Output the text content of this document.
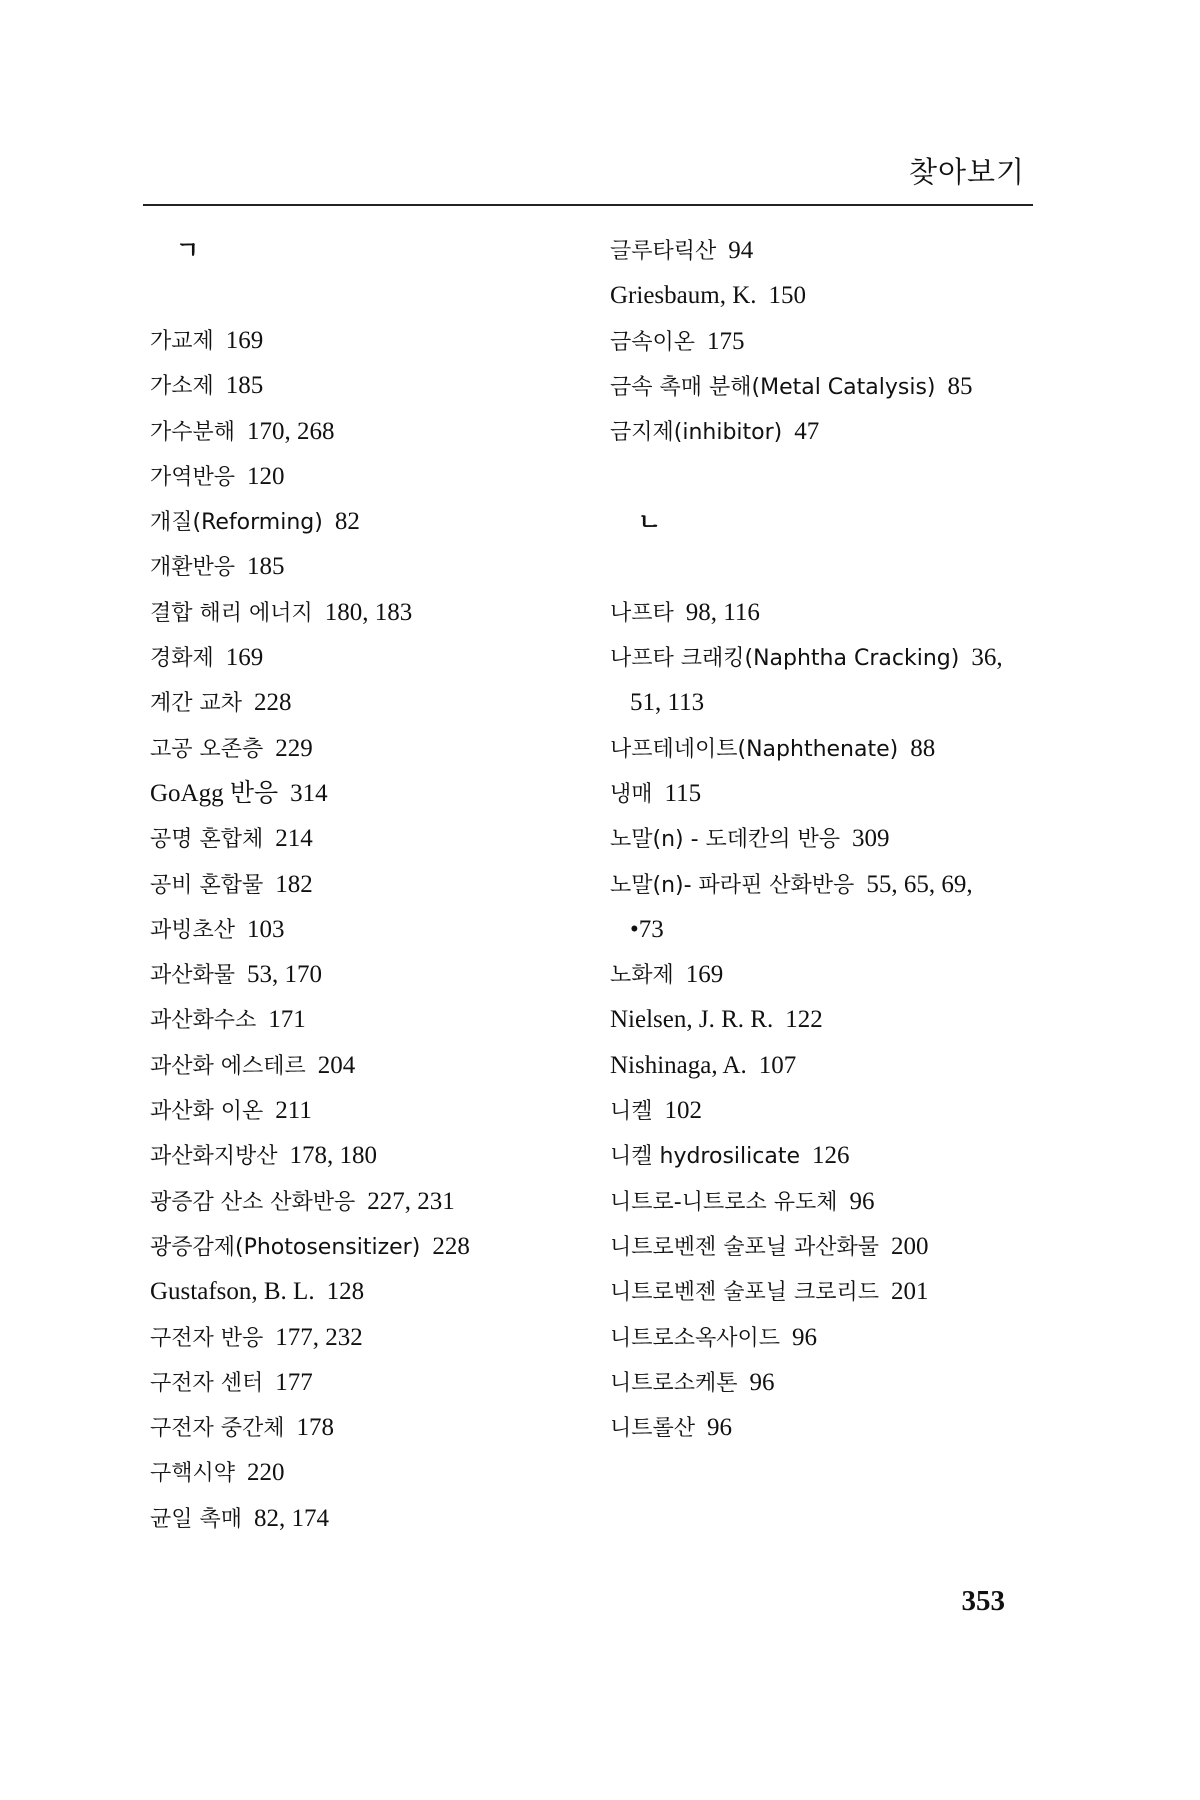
찾아보기
ㄱ
가교제 169
가소제 185
가수분해 170, 268
가역반응 120
개질(Reforming) 82
개환반응 185
결합 해리 에너지 180, 183
경화제 169
계간 교차 228
고공 오존층 229
GoAgg 반응 314
공명 혼합체 214
공비 혼합물 182
과빙초산 103
과산화물 53, 170
과산화수소 171
과산화 에스테르 204
과산화 이온 211
과산화지방산 178, 180
광증감 산소 산화반응 227, 231
광증감제(Photosensitizer) 228
Gustafson, B. L. 128
구전자 반응 177, 232
구전자 센터 177
구전자 중간체 178
구핵시약 220
균일 촉매 82, 174
글루타릭산 94
Griesbaum, K. 150
금속이온 175
금속 촉매 분해(Metal Catalysis) 85
금지제(inhibitor) 47
ㄴ
나프타 98, 116
나프타 크래킹(Naphtha Cracking) 36,
51, 113
나프테네이트(Naphthenate) 88
냉매 115
노말(n) - 도데칸의 반응 309
노말(n)- 파라핀 산화반응 55, 65, 69,
•73
노화제 169
Nielsen, J. R. R. 122
Nishinaga, A. 107
니켈 102
니켈 hydrosilicate 126
니트로-니트로소 유도체 96
니트로벤젠 술포닐 과산화물 200
니트로벤젠 술포닐 크로리드 201
니트로소옥사이드 96
니트로소케톤 96
니트롤산 96
353
